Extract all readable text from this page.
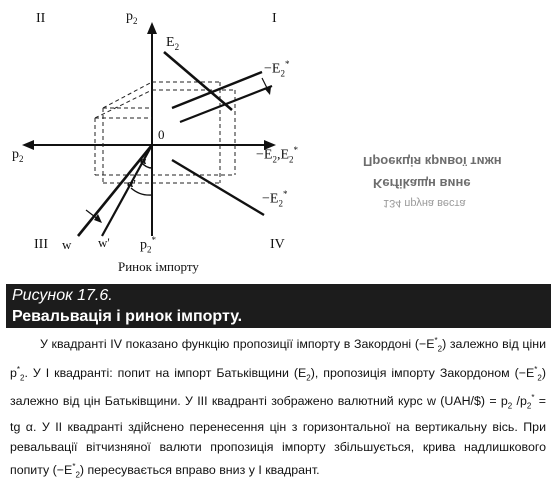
II	I
III	IV
$p_2$
$p_2$	$-E_2,E_2^*$
$p_2^*$
0
$E_2$
$-E_2^*$
$-E_2^*$
w w'
α
α'
Ринок імпорту
Проекція кривої тижн
Kerfikaщн вине
134 пруна веста
Рисунок 17.6.
Ревальвація і ринок імпорту.
У квадранті IV показано функцію пропозиції імпорту в Закордоні $(-E^*_2)$ залежно від ціни $p^*_2$. У І квадранті: попит на імпорт Батьківщини $(E_2)$, пропозиція імпорту Закордоном $(-E^*_2)$ залежно від цін Батьківщини. У III квадранті зображено валютний курс w (UAH/$) = $p_2$ $/p_2^*$ = tg α. У II квадранті здійснено перенесення цін з горизонтальної на вертикальну вісь. При ревальвації вітчизняної валюти пропозиція імпорту збільшується, крива надлишкового попиту $(-E^*_2)$ пересувається вправо вниз у І квадрант.
